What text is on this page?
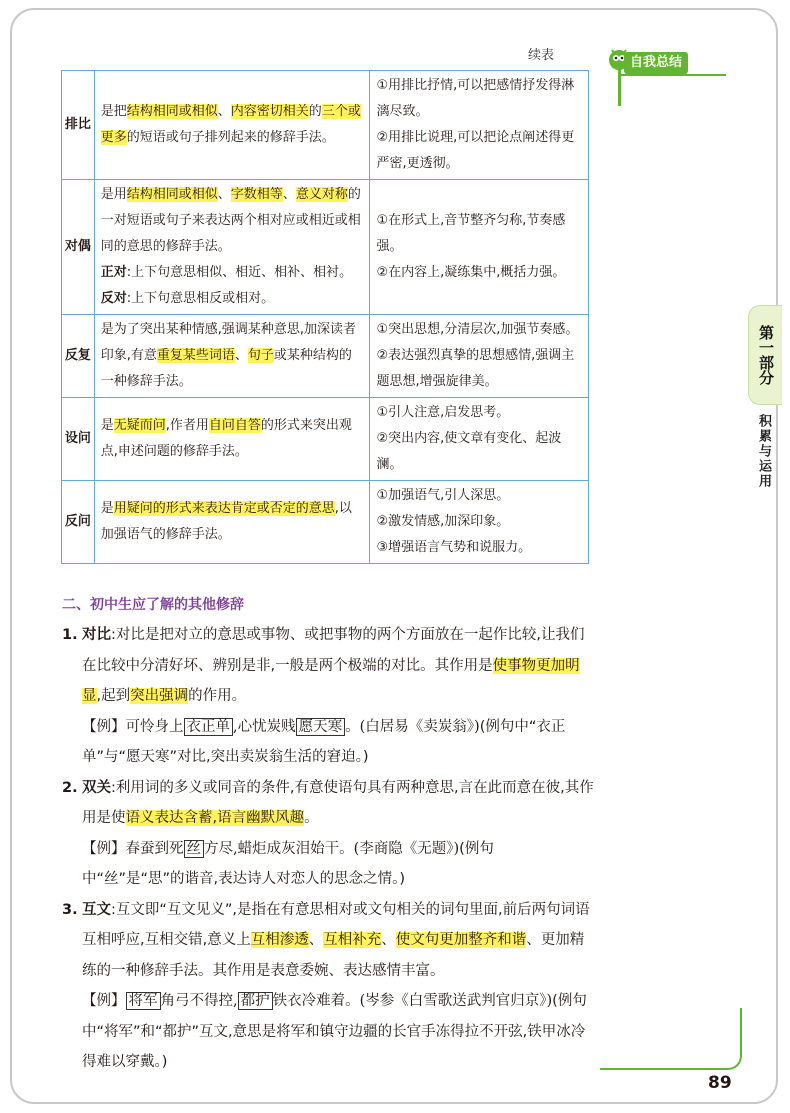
续表	自我总结
第一部分
积累与运用
排比	是把结构相同或相似、内容密切相关的三个或更多的短语或句子排列起来的修辞手法。	①用排比抒情,可以把感情抒发得淋漓尽致。
②用排比说理,可以把论点阐述得更严密,更透彻。

对偶	是用结构相同或相似、字数相等、意义对称的一对短语或句子来表达两个相对应或相近或相同的意思的修辞手法。
正对:上下句意思相似、相近、相补、相衬。
反对:上下句意思相反或相对。	①在形式上,音节整齐匀称,节奏感强。
②在内容上,凝练集中,概括力强。

反复	是为了突出某种情感,强调某种意思,加深读者印象,有意重复某些词语、句子或某种结构的一种修辞手法。	①突出思想,分清层次,加强节奏感。
②表达强烈真挚的思想感情,强调主题思想,增强旋律美。

设问	是无疑而问,作者用自问自答的形式来突出观点,申述问题的修辞手法。	①引人注意,启发思考。
②突出内容,使文章有变化、起波澜。

反问	是用疑问的形式来表达肯定或否定的意思,以加强语气的修辞手法。	①加强语气,引人深思。
②激发情感,加深印象。
③增强语言气势和说服力。
二、初中生应了解的其他修辞
1. 对比:对比是把对立的意思或事物、或把事物的两个方面放在一起作比较,让我们在比较中分清好坏、辨别是非,一般是两个极端的对比。其作用是使事物更加明显,起到突出强调的作用。
【例】可怜身上 衣正单 ,心忧炭贱 愿天寒 。(白居易《卖炭翁》)(例句中“衣正单”与“愿天寒”对比,突出卖炭翁生活的窘迫。)
2. 双关:利用词的多义或同音的条件,有意使语句具有两种意思,言在此而意在彼,其作用是使语义表达含蓄,语言幽默风趣。
【例】春蚕到死 丝 方尽,蜡炬成灰泪始干。(李商隐《无题》)(例句中“丝”是“思”的谐音,表达诗人对恋人的思念之情。)
3. 互文:互文即“互文见义”,是指在有意思相对或文句相关的词句里面,前后两句词语互相呼应,互相交错,意义上互相渗透、互相补充、使文句更加整齐和谐、更加精练的一种修辞手法。其作用是表意委婉、表达感情丰富。
【例】 将军 角弓不得控, 都护 铁衣冷难着。(岑参《白雪歌送武判官归京》)(例句中“将军”和“都护”互文,意思是将军和镇守边疆的长官手冻得拉不开弦,铁甲冰冷得难以穿戴。)
89
